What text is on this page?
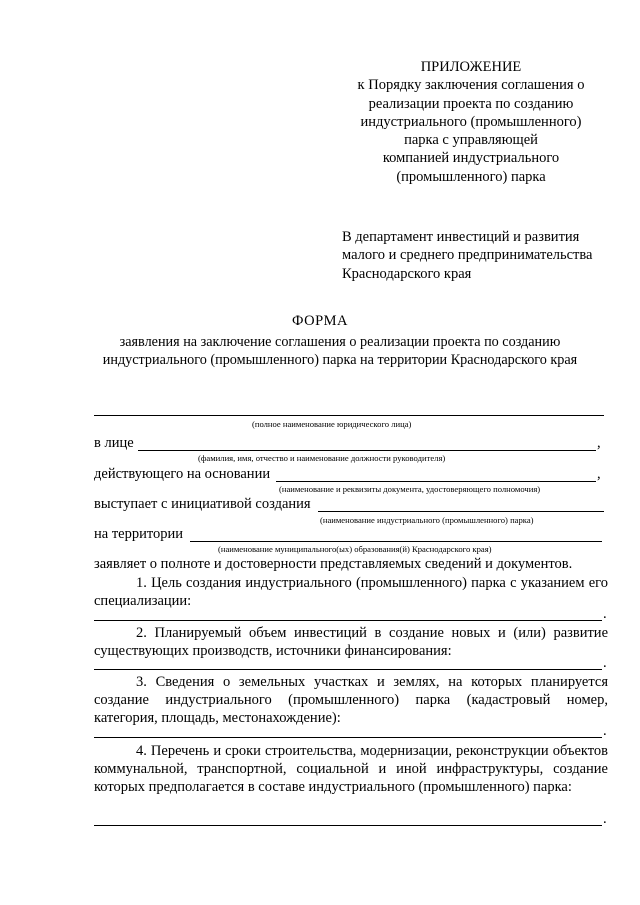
ПРИЛОЖЕНИЕ
к Порядку заключения соглашения о
реализации проекта по созданию
индустриального (промышленного)
парка с управляющей
компанией индустриального
(промышленного) парка
В департамент инвестиций и развития
малого и среднего предпринимательства
Краснодарского края
ФОРМА
заявления на заключение соглашения о реализации проекта по созданию
индустриального (промышленного) парка на территории Краснодарского края
(полное наименование юридического лица)
в лице	,
(фамилия, имя, отчество и наименование должности руководителя)
действующего на основании	,
(наименование и реквизиты документа, удостоверяющего полномочия)
выступает с инициативой создания
(наименование индустриального (промышленного) парка)
на территории
(наименование муниципального(ых) образования(й) Краснодарского края)
заявляет о полноте и достоверности представляемых сведений и документов.
1. Цель создания индустриального (промышленного) парка с указанием его специализации:
.
2. Планируемый объем инвестиций в создание новых и (или) развитие существующих производств, источники финансирования:
.
3. Сведения о земельных участках и землях, на которых планируется создание индустриального (промышленного) парка (кадастровый номер, категория, площадь, местонахождение):
.
4. Перечень и сроки строительства, модернизации, реконструкции объектов коммунальной, транспортной, социальной и иной инфраструктуры, создание которых предполагается в составе индустриального (промышленного) парка:
.
